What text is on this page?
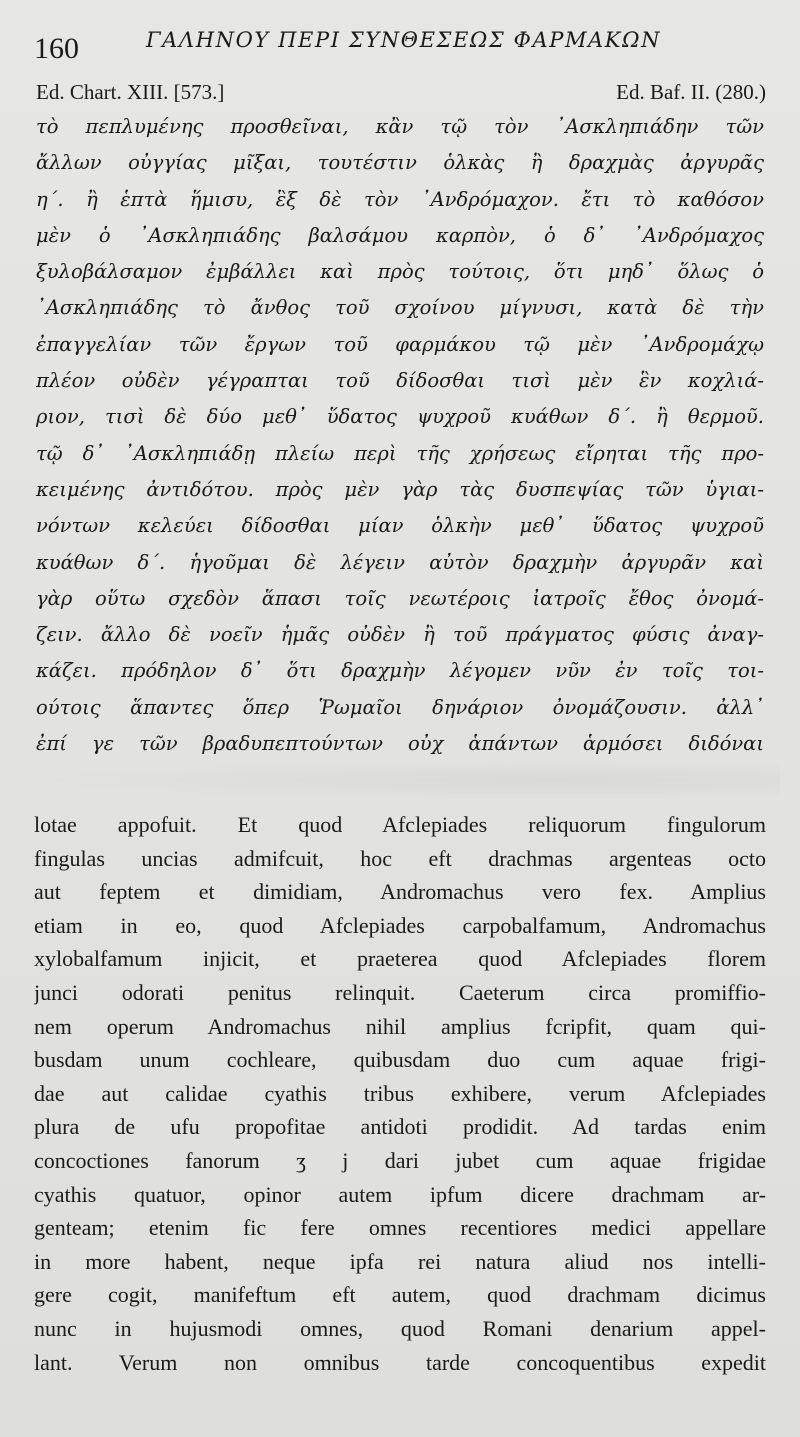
160	ΓΑΛΗΝΟΥ ΠΕΡΙ ΣΥΝΘΕΣΕΩΣ ΦΑΡΜΑΚΩΝ
Ed. Chart. XIII. [573.]	Ed. Baf. II. (280.)
τὸ πεπλυμένης προσθεῖναι, κἂν τῷ τὸν ᾿Ασκληπιάδην τῶν
ἄλλων οὐγγίας μῖξαι, τουτέστιν ὁλκὰς ἢ δραχμὰς ἀργυρᾶς
η΄. ἢ ἑπτὰ ἥμισυ, ἓξ δὲ τὸν ᾿Ανδρόμαχον. ἔτι τὸ καθόσον
μὲν ὁ ᾿Ασκληπιάδης βαλσάμου καρπὸν, ὁ δ᾿ ᾿Ανδρόμαχος
ξυλοβάλσαμον ἐμβάλλει καὶ πρὸς τούτοις, ὅτι μηδ᾿ ὅλως ὁ
᾿Ασκληπιάδης τὸ ἄνθος τοῦ σχοίνου μίγνυσι, κατὰ δὲ τὴν
ἐπαγγελίαν τῶν ἔργων τοῦ φαρμάκου τῷ μὲν ᾿Ανδρομάχῳ
πλέον οὐδὲν γέγραπται τοῦ δίδοσθαι τισὶ μὲν ἓν κοχλιά-
ριον, τισὶ δὲ δύο μεθ᾿ ὕδατος ψυχροῦ κυάθων δ΄. ἢ θερμοῦ.
τῷ δ᾿ ᾿Ασκληπιάδῃ πλείω περὶ τῆς χρήσεως εἴρηται τῆς προ-
κειμένης ἀντιδότου. πρὸς μὲν γὰρ τὰς δυσπεψίας τῶν ὑγιαι-
νόντων κελεύει δίδοσθαι μίαν ὁλκὴν μεθ᾿ ὕδατος ψυχροῦ
κυάθων δ΄. ἡγοῦμαι δὲ λέγειν αὐτὸν δραχμὴν ἀργυρᾶν καὶ
γὰρ οὕτω σχεδὸν ἅπασι τοῖς νεωτέροις ἰατροῖς ἔθος ὀνομά-
ζειν. ἄλλο δὲ νοεῖν ἡμᾶς οὐδὲν ἢ τοῦ πράγματος φύσις ἀναγ-
κάζει. πρόδηλον δ᾿ ὅτι δραχμὴν λέγομεν νῦν ἐν τοῖς τοι-
ούτοις ἅπαντες ὅπερ Ῥωμαῖοι δηνάριον ὀνομάζουσιν. ἀλλ᾿
ἐπί γε τῶν βραδυπεπτούντων οὐχ ἁπάντων ἁρμόσει διδόναι
lotae appofuit. Et quod Afclepiades reliquorum fingulorum
fingulas uncias admifcuit, hoc eft drachmas argenteas octo
aut feptem et dimidiam, Andromachus vero fex. Amplius
etiam in eo, quod Afclepiades carpobalfamum, Andromachus
xylobalfamum injicit, et praeterea quod Afclepiades florem
junci odorati penitus relinquit. Caeterum circa promiffio-
nem operum Andromachus nihil amplius fcripfit, quam qui-
busdam unum cochleare, quibusdam duo cum aquae frigi-
dae aut calidae cyathis tribus exhibere, verum Afclepiades
plura de ufu propofitae antidoti prodidit. Ad tardas enim
concoctiones fanorum ʒ j dari jubet cum aquae frigidae
cyathis quatuor, opinor autem ipfum dicere drachmam ar-
genteam; etenim fic fere omnes recentiores medici appellare
in more habent, neque ipfa rei natura aliud nos intelli-
gere cogit, manifeftum eft autem, quod drachmam dicimus
nunc in hujusmodi omnes, quod Romani denarium appel-
lant. Verum non omnibus tarde concoquentibus expedit
